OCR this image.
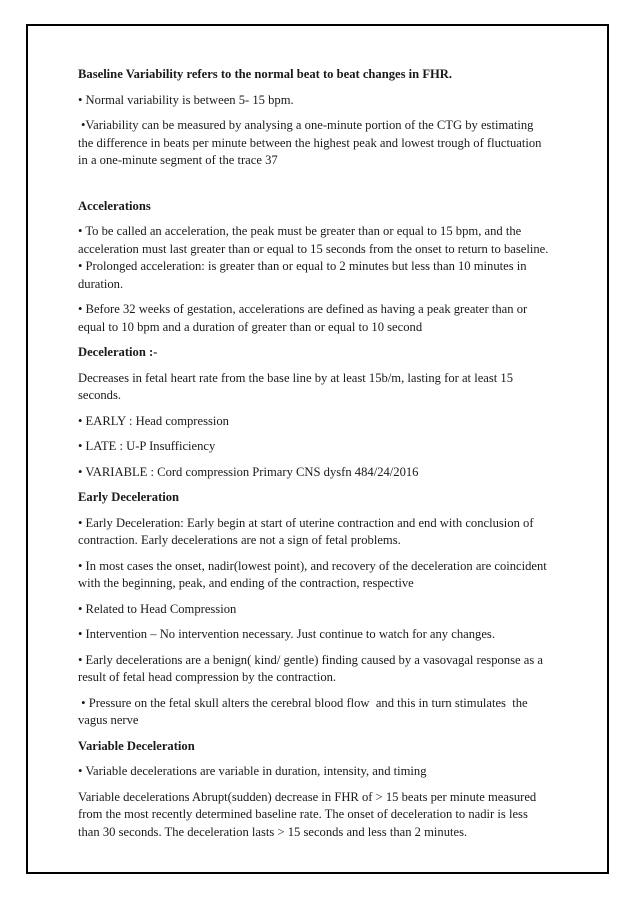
Baseline Variability refers to the normal beat to beat changes in FHR.

• Normal variability is between 5- 15 bpm.

•Variability can be measured by analysing a one-minute portion of the CTG by estimating

the difference in beats per minute between the highest peak and lowest trough of fluctuation

in a one-minute segment of the trace 37

Accelerations

• To be called an acceleration, the peak must be greater than or equal to 15 bpm, and the

acceleration must last greater than or equal to 15 seconds from the onset to return to baseline.

• Prolonged acceleration: is greater than or equal to 2 minutes but less than 10 minutes in

duration.

• Before 32 weeks of gestation, accelerations are defined as having a peak greater than or

equal to 10 bpm and a duration of greater than or equal to 10 second

Deceleration :-

Decreases in fetal heart rate from the base line by at least 15b/m, lasting for at least 15

seconds.

• EARLY : Head compression

• LATE : U-P Insufficiency

• VARIABLE : Cord compression Primary CNS dysfn 484/24/2016

Early Deceleration

• Early Deceleration: Early begin at start of uterine contraction and end with conclusion of

contraction. Early decelerations are not a sign of fetal problems.

• In most cases the onset, nadir(lowest point), and recovery of the deceleration are coincident

with the beginning, peak, and ending of the contraction, respective

• Related to Head Compression

• Intervention – No intervention necessary. Just continue to watch for any changes.

• Early decelerations are a benign( kind/ gentle) finding caused by a vasovagal response as a

result of fetal head compression by the contraction.

• Pressure on the fetal skull alters the cerebral blood flow  and this in turn stimulates  the

vagus nerve

Variable Deceleration

• Variable decelerations are variable in duration, intensity, and timing

Variable decelerations Abrupt(sudden) decrease in FHR of > 15 beats per minute measured

from the most recently determined baseline rate. The onset of deceleration to nadir is less

than 30 seconds. The deceleration lasts > 15 seconds and less than 2 minutes.
